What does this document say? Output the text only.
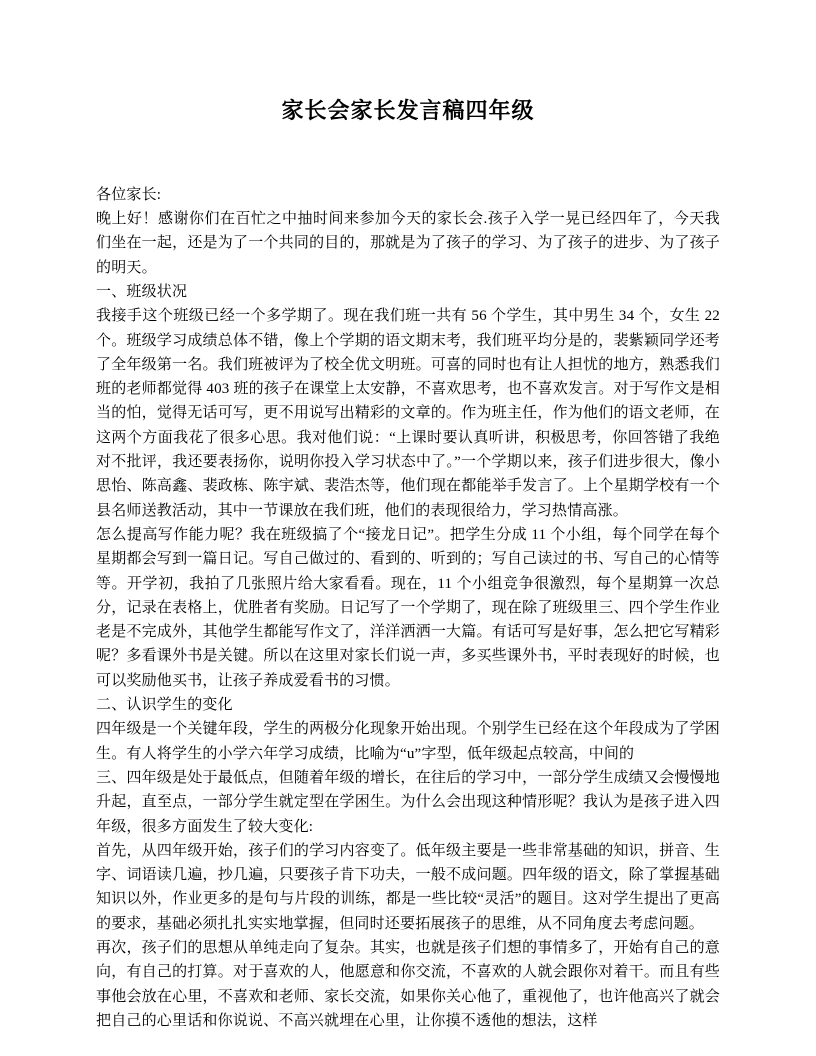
家长会家长发言稿四年级

各位家长:

晚上好！感谢你们在百忙之中抽时间来参加今天的家长会.孩子入学一晃已经四年了，今天我们坐在一起，还是为了一个共同的目的，那就是为了孩子的学习、为了孩子的进步、为了孩子的明天。

一、班级状况

我接手这个班级已经一个多学期了。现在我们班一共有 56 个学生，其中男生 34 个，女生 22 个。班级学习成绩总体不错，像上个学期的语文期末考，我们班平均分是的，裴紫颖同学还考了全年级第一名。我们班被评为了校全优文明班。可喜的同时也有让人担忧的地方，熟悉我们班的老师都觉得 403 班的孩子在课堂上太安静，不喜欢思考，也不喜欢发言。对于写作文是相当的怕，觉得无话可写，更不用说写出精彩的文章的。作为班主任，作为他们的语文老师，在这两个方面我花了很多心思。我对他们说：“上课时要认真听讲，积极思考，你回答错了我绝对不批评，我还要表扬你，说明你投入学习状态中了。”一个学期以来，孩子们进步很大，像小思怡、陈高鑫、裴政栋、陈宇斌、裴浩杰等，他们现在都能举手发言了。上个星期学校有一个县名师送教活动，其中一节课放在我们班，他们的表现很给力，学习热情高涨。

怎么提高写作能力呢？我在班级搞了个“接龙日记”。把学生分成 11 个小组，每个同学在每个星期都会写到一篇日记。写自己做过的、看到的、听到的；写自己读过的书、写自己的心情等等。开学初，我拍了几张照片给大家看看。现在，11 个小组竞争很激烈，每个星期算一次总分，记录在表格上，优胜者有奖励。日记写了一个学期了，现在除了班级里三、四个学生作业老是不完成外，其他学生都能写作文了，洋洋洒洒一大篇。有话可写是好事，怎么把它写精彩呢？多看课外书是关键。所以在这里对家长们说一声，多买些课外书，平时表现好的时候，也可以奖励他买书，让孩子养成爱看书的习惯。

二、认识学生的变化

四年级是一个关键年段，学生的两极分化现象开始出现。个别学生已经在这个年段成为了学困生。有人将学生的小学六年学习成绩，比喻为“u”字型，低年级起点较高，中间的

三、四年级是处于最低点，但随着年级的增长，在往后的学习中，一部分学生成绩又会慢慢地升起，直至点，一部分学生就定型在学困生。为什么会出现这种情形呢？我认为是孩子进入四年级，很多方面发生了较大变化:

首先，从四年级开始，孩子们的学习内容变了。低年级主要是一些非常基础的知识，拼音、生字、词语读几遍，抄几遍，只要孩子肯下功夫，一般不成问题。四年级的语文，除了掌握基础知识以外，作业更多的是句与片段的训练，都是一些比较“灵活”的题目。这对学生提出了更高的要求，基础必须扎扎实实地掌握，但同时还要拓展孩子的思维，从不同角度去考虑问题。

再次，孩子们的思想从单纯走向了复杂。其实，也就是孩子们想的事情多了，开始有自己的意向，有自己的打算。对于喜欢的人，他愿意和你交流，不喜欢的人就会跟你对着干。而且有些事他会放在心里，不喜欢和老师、家长交流，如果你关心他了，重视他了，也许他高兴了就会把自己的心里话和你说说、不高兴就埋在心里，让你摸不透他的想法，这样
